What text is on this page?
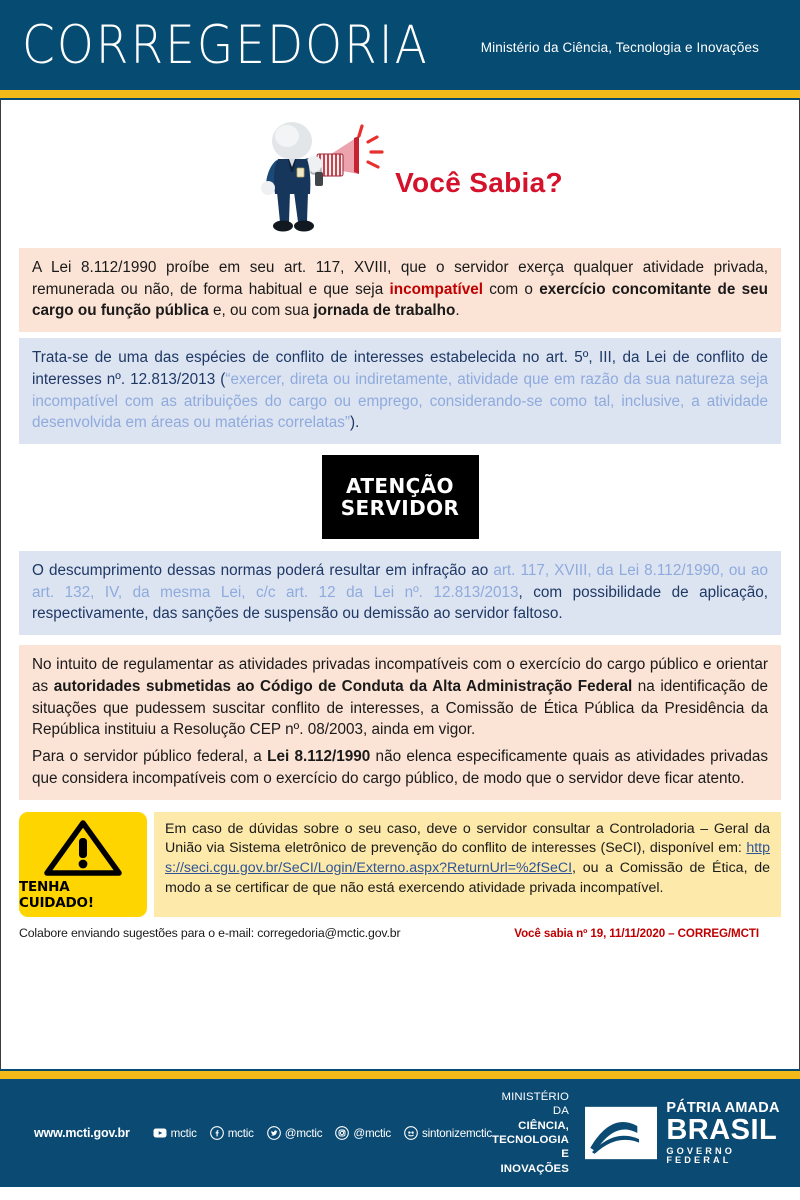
CORREGEDORIA	Ministério da Ciência, Tecnologia e Inovações
Você Sabia?

A Lei 8.112/1990 proíbe em seu art. 117, XVIII, que o servidor exerça qualquer atividade privada, remunerada ou não, de forma habitual e que seja incompatível com o exercício concomitante de seu cargo ou função pública e, ou com sua jornada de trabalho.

Trata-se de uma das espécies de conflito de interesses estabelecida no art. 5º, III, da Lei de conflito de interesses nº. 12.813/2013 (“exercer, direta ou indiretamente, atividade que em razão da sua natureza seja incompatível com as atribuições do cargo ou emprego, considerando-se como tal, inclusive, a atividade desenvolvida em áreas ou matérias correlatas”).

ATENÇÃO
SERVIDOR

O descumprimento dessas normas poderá resultar em infração ao art. 117, XVIII, da Lei 8.112/1990, ou ao art. 132, IV, da mesma Lei, c/c art. 12 da Lei nº. 12.813/2013, com possibilidade de aplicação, respectivamente, das sanções de suspensão ou demissão ao servidor faltoso.

No intuito de regulamentar as atividades privadas incompatíveis com o exercício do cargo público e orientar as autoridades submetidas ao Código de Conduta da Alta Administração Federal na identificação de situações que pudessem suscitar conflito de interesses, a Comissão de Ética Pública da Presidência da República instituiu a Resolução CEP nº. 08/2003, ainda em vigor.

Para o servidor público federal, a Lei 8.112/1990 não elenca especificamente quais as atividades privadas que considera incompatíveis com o exercício do cargo público, de modo que o servidor deve ficar atento.

TENHA CUIDADO!
Em caso de dúvidas sobre o seu caso, deve o servidor consultar a Controladoria – Geral da União via Sistema eletrônico de prevenção do conflito de interesses (SeCI), disponível em: https://seci.cgu.gov.br/SeCI/Login/Externo.aspx?ReturnUrl=%2fSeCI, ou a Comissão de Ética, de modo a se certificar de que não está exercendo atividade privada incompatível.
Colabore enviando sugestões para o e-mail: corregedoria@mctic.gov.br	Você sabia nº 19, 11/11/2020 – CORREG/MCTI
www.mcti.gov.br	mctic	mctic	@mctic	@mctic	sintonizemctic
MINISTÉRIO DA
CIÊNCIA, TECNOLOGIA
E INOVAÇÕES
PÁTRIA AMADA
BRASIL
GOVERNO FEDERAL
